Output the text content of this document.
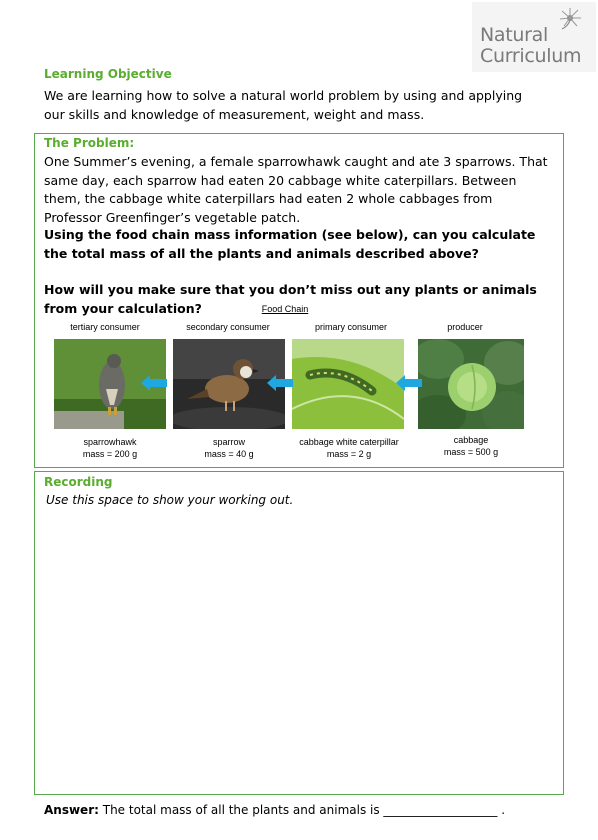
Natural
Curriculum
Learning Objective
We are learning how to solve a natural world problem by using and applying our skills and knowledge of measurement, weight and mass.
The Problem:
One Summer’s evening, a female sparrowhawk caught and ate 3 sparrows. That same day, each sparrow had eaten 20 cabbage white caterpillars. Between them, the cabbage white caterpillars had eaten 2 whole cabbages from Professor Greenfinger’s vegetable patch.
Using the food chain mass information (see below), can you calculate the total mass of all the plants and animals described above?
How will you make sure that you don’t miss out any plants or animals from your calculation?	Food Chain
tertiary consumer	secondary consumer	primary consumer	producer
sparrowhawk
mass = 200 g
sparrow
mass = 40 g
cabbage white caterpillar
mass = 2 g
cabbage
mass = 500 g
Recording
Use this space to show your working out.
Answer: The total mass of all the plants and animals is ___________________ .
